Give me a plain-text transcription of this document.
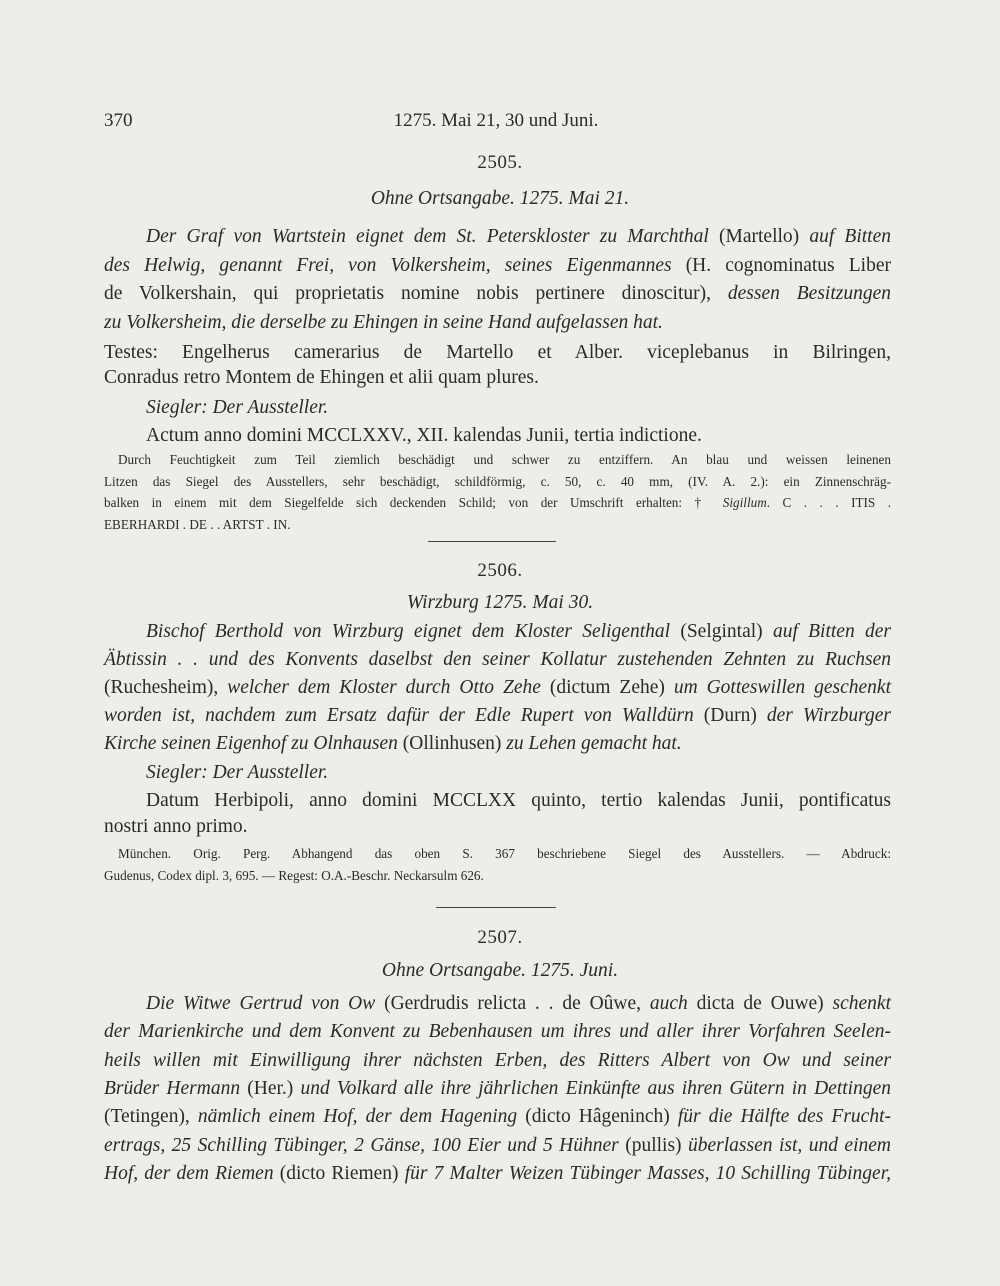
370	1275. Mai 21, 30 und Juni.
2505.
Ohne Ortsangabe. 1275. Mai 21.
Der Graf von Wartstein eignet dem St. Peterskloster zu Marchthal (Martello) auf Bitten
des Helwig, genannt Frei, von Volkersheim, seines Eigenmannes (H. cognominatus Liber
de Volkershain, qui proprietatis nomine nobis pertinere dinoscitur), dessen Besitzungen
zu Volkersheim, die derselbe zu Ehingen in seine Hand aufgelassen hat.
Testes: Engelherus camerarius de Martello et Alber. viceplebanus in Bilringen,
Conradus retro Montem de Ehingen et alii quam plures.
Siegler: Der Aussteller.
Actum anno domini MCCLXXV., XII. kalendas Junii, tertia indictione.
Durch Feuchtigkeit zum Teil ziemlich beschädigt und schwer zu entziffern. An blau und weissen leinenen
Litzen das Siegel des Ausstellers, sehr beschädigt, schildförmig, c. 50, c. 40 mm, (IV. A. 2.): ein Zinnenschräg-
balken in einem mit dem Siegelfelde sich deckenden Schild; von der Umschrift erhalten: † Sigillum. C . . . ITIS .
EBERHARDI . DE . . ARTST . IN.
2506.
Wirzburg 1275. Mai 30.
Bischof Berthold von Wirzburg eignet dem Kloster Seligenthal (Selgintal) auf Bitten der
Äbtissin . . und des Konvents daselbst den seiner Kollatur zustehenden Zehnten zu Ruchsen
(Ruchesheim), welcher dem Kloster durch Otto Zehe (dictum Zehe) um Gotteswillen geschenkt
worden ist, nachdem zum Ersatz dafür der Edle Rupert von Walldürn (Durn) der Wirzburger
Kirche seinen Eigenhof zu Olnhausen (Ollinhusen) zu Lehen gemacht hat.
Siegler: Der Aussteller.
Datum Herbipoli, anno domini MCCLXX quinto, tertio kalendas Junii, pontificatus
nostri anno primo.
München. Orig. Perg. Abhangend das oben S. 367 beschriebene Siegel des Ausstellers. — Abdruck:
Gudenus, Codex dipl. 3, 695. — Regest: O.A.-Beschr. Neckarsulm 626.
2507.
Ohne Ortsangabe. 1275. Juni.
Die Witwe Gertrud von Ow (Gerdrudis relicta . . de Oûwe, auch dicta de Ouwe) schenkt
der Marienkirche und dem Konvent zu Bebenhausen um ihres und aller ihrer Vorfahren Seelen-
heils willen mit Einwilligung ihrer nächsten Erben, des Ritters Albert von Ow und seiner
Brüder Hermann (Her.) und Volkard alle ihre jährlichen Einkünfte aus ihren Gütern in Dettingen
(Tetingen), nämlich einem Hof, der dem Hagening (dicto Hâgeninch) für die Hälfte des Frucht-
ertrags, 25 Schilling Tübinger, 2 Gänse, 100 Eier und 5 Hühner (pullis) überlassen ist, und einem
Hof, der dem Riemen (dicto Riemen) für 7 Malter Weizen Tübinger Masses, 10 Schilling Tübinger,
